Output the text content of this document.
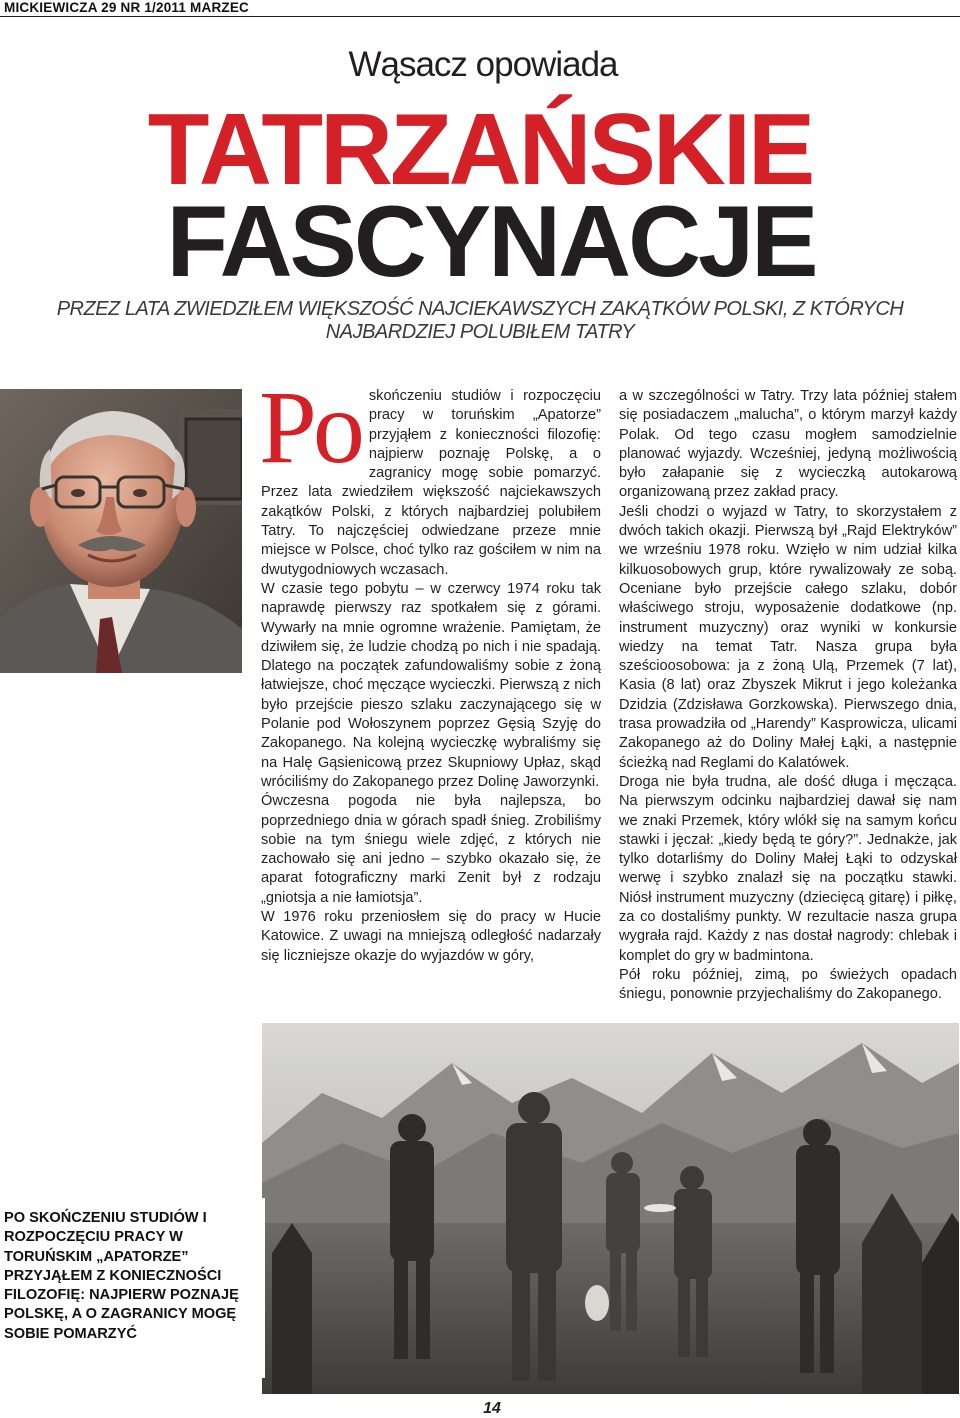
MICKIEWICZA 29 NR 1/2011 MARZEC
Wąsacz opowiada
TATRZAŃSKIE
FASCYNACJE
PRZEZ LATA ZWIEDZIŁEM WIĘKSZOŚĆ NAJCIEKAWSZYCH ZAKĄTKÓW POLSKI, Z KTÓRYCH NAJBARDZIEJ POLUBIŁEM TATRY
Po skończeniu studiów i rozpoczęciu pracy w toruńskim „Apatorze” przyjąłem z konieczności filozofię: najpierw poznaję Polskę, a o zagranicy mogę sobie pomarzyć. Przez lata zwiedziłem większość najciekawszych zakątków Polski, z których najbardziej polubiłem Tatry. To najczęściej odwiedzane przeze mnie miejsce w Polsce, choć tylko raz gościłem w nim na dwutygodniowych wczasach.

W czasie tego pobytu – w czerwcy 1974 roku tak naprawdę pierwszy raz spotkałem się z górami. Wywarły na mnie ogromne wrażenie. Pamiętam, że dziwiłem się, że ludzie chodzą po nich i nie spadają. Dlatego na początek zafundowaliśmy sobie z żoną łatwiejsze, choć męczące wycieczki. Pierwszą z nich było przejście pieszo szlaku zaczynającego się w Polanie pod Wołoszynem poprzez Gęsią Szyję do Zakopanego. Na kolejną wycieczkę wybraliśmy się na Halę Gąsienicową przez Skupniowy Upłaz, skąd wróciliśmy do Zakopanego przez Dolinę Jaworzynki.

Ówczesna pogoda nie była najlepsza, bo poprzedniego dnia w górach spadł śnieg. Zrobiliśmy sobie na tym śniegu wiele zdjęć, z których nie zachowało się ani jedno – szybko okazało się, że aparat fotograficzny marki Zenit był z rodzaju „gniotsja a nie łamiotsja”.

W 1976 roku przeniosłem się do pracy w Hucie Katowice. Z uwagi na mniejszą odległość nadarzały się liczniejsze okazje do wyjazdów w góry,

a w szczególności w Tatry. Trzy lata później stałem się posiadaczem „malucha”, o którym marzył każdy Polak. Od tego czasu mogłem samodzielnie planować wyjazdy. Wcześniej, jedyną możliwością było załapanie się z wycieczką autokarową organizowaną przez zakład pracy.

Jeśli chodzi o wyjazd w Tatry, to skorzystałem z dwóch takich okazji. Pierwszą był „Rajd Elektryków” we wrześniu 1978 roku. Wzięło w nim udział kilka kilkuosobowych grup, które rywalizowały ze sobą. Oceniane było przejście całego szlaku, dobór właściwego stroju, wyposażenie dodatkowe (np. instrument muzyczny) oraz wyniki w konkursie wiedzy na temat Tatr. Nasza grupa była sześcioosobowa: ja z żoną Ulą, Przemek (7 lat), Kasia (8 lat) oraz Zbyszek Mikrut i jego koleżanka Dzidzia (Zdzisława Gorzkowska). Pierwszego dnia, trasa prowadziła od „Harendy” Kasprowicza, ulicami Zakopanego aż do Doliny Małej Łąki, a następnie ścieżką nad Reglami do Kalatówek.

Droga nie była trudna, ale dość długa i męcząca. Na pierwszym odcinku najbardziej dawał się nam we znaki Przemek, który wlókł się na samym końcu stawki i jęczał: „kiedy będą te góry?”. Jednakże, jak tylko dotarliśmy do Doliny Małej Łąki to odzyskał werwę i szybko znalazł się na początku stawki. Niósł instrument muzyczny (dziecięcą gitarę) i piłkę, za co dostaliśmy punkty. W rezultacie nasza grupa wygrała rajd. Każdy z nas dostał nagrody: chlebak i komplet do gry w badmintona.

Pół roku później, zimą, po świeżych opadach śniegu, ponownie przyjechaliśmy do Zakopanego.

PO SKOŃCZENIU STUDIÓW I ROZPOCZĘCIU PRACY W TORUŃSKIM „APATORZE” PRZYJĄŁEM Z KONIECZNOŚCI FILOZOFIĘ: NAJPIERW POZNAJĘ POLSKĘ, A O ZAGRANICY MOGĘ SOBIE POMARZYĆ
14
